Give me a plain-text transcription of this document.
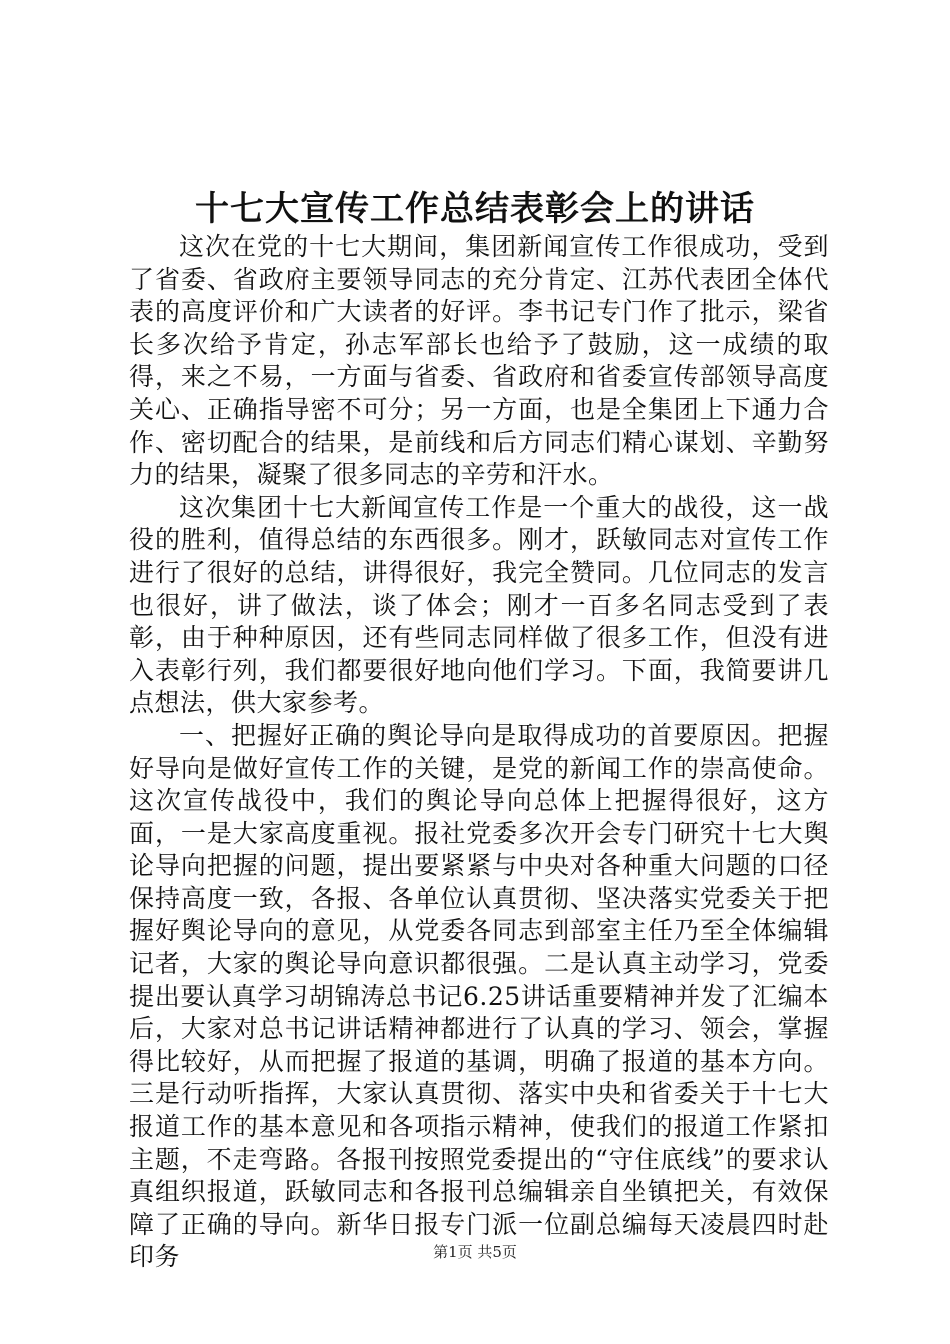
十七大宣传工作总结表彰会上的讲话

这次在党的十七大期间，集团新闻宣传工作很成功，受到了省委、省政府主要领导同志的充分肯定、江苏代表团全体代表的高度评价和广大读者的好评。李书记专门作了批示，梁省长多次给予肯定，孙志军部长也给予了鼓励，这一成绩的取得，来之不易，一方面与省委、省政府和省委宣传部领导高度关心、正确指导密不可分；另一方面，也是全集团上下通力合作、密切配合的结果，是前线和后方同志们精心谋划、辛勤努力的结果，凝聚了很多同志的辛劳和汗水。

这次集团十七大新闻宣传工作是一个重大的战役，这一战役的胜利，值得总结的东西很多。刚才，跃敏同志对宣传工作进行了很好的总结，讲得很好，我完全赞同。几位同志的发言也很好，讲了做法，谈了体会；刚才一百多名同志受到了表彰，由于种种原因，还有些同志同样做了很多工作，但没有进入表彰行列，我们都要很好地向他们学习。下面，我简要讲几点想法，供大家参考。

一、把握好正确的舆论导向是取得成功的首要原因。把握好导向是做好宣传工作的关键，是党的新闻工作的崇高使命。这次宣传战役中，我们的舆论导向总体上把握得很好，这方面，一是大家高度重视。报社党委多次开会专门研究十七大舆论导向把握的问题，提出要紧紧与中央对各种重大问题的口径保持高度一致，各报、各单位认真贯彻、坚决落实党委关于把握好舆论导向的意见，从党委各同志到部室主任乃至全体编辑记者，大家的舆论导向意识都很强。二是认真主动学习，党委提出要认真学习胡锦涛总书记6.25讲话重要精神并发了汇编本后，大家对总书记讲话精神都进行了认真的学习、领会，掌握得比较好，从而把握了报道的基调，明确了报道的基本方向。三是行动听指挥，大家认真贯彻、落实中央和省委关于十七大报道工作的基本意见和各项指示精神，使我们的报道工作紧扣主题，不走弯路。各报刊按照党委提出的“守住底线”的要求认真组织报道，跃敏同志和各报刊总编辑亲自坐镇把关，有效保障了正确的导向。新华日报专门派一位副总编每天凌晨四时赴印务	第1页 共5页
